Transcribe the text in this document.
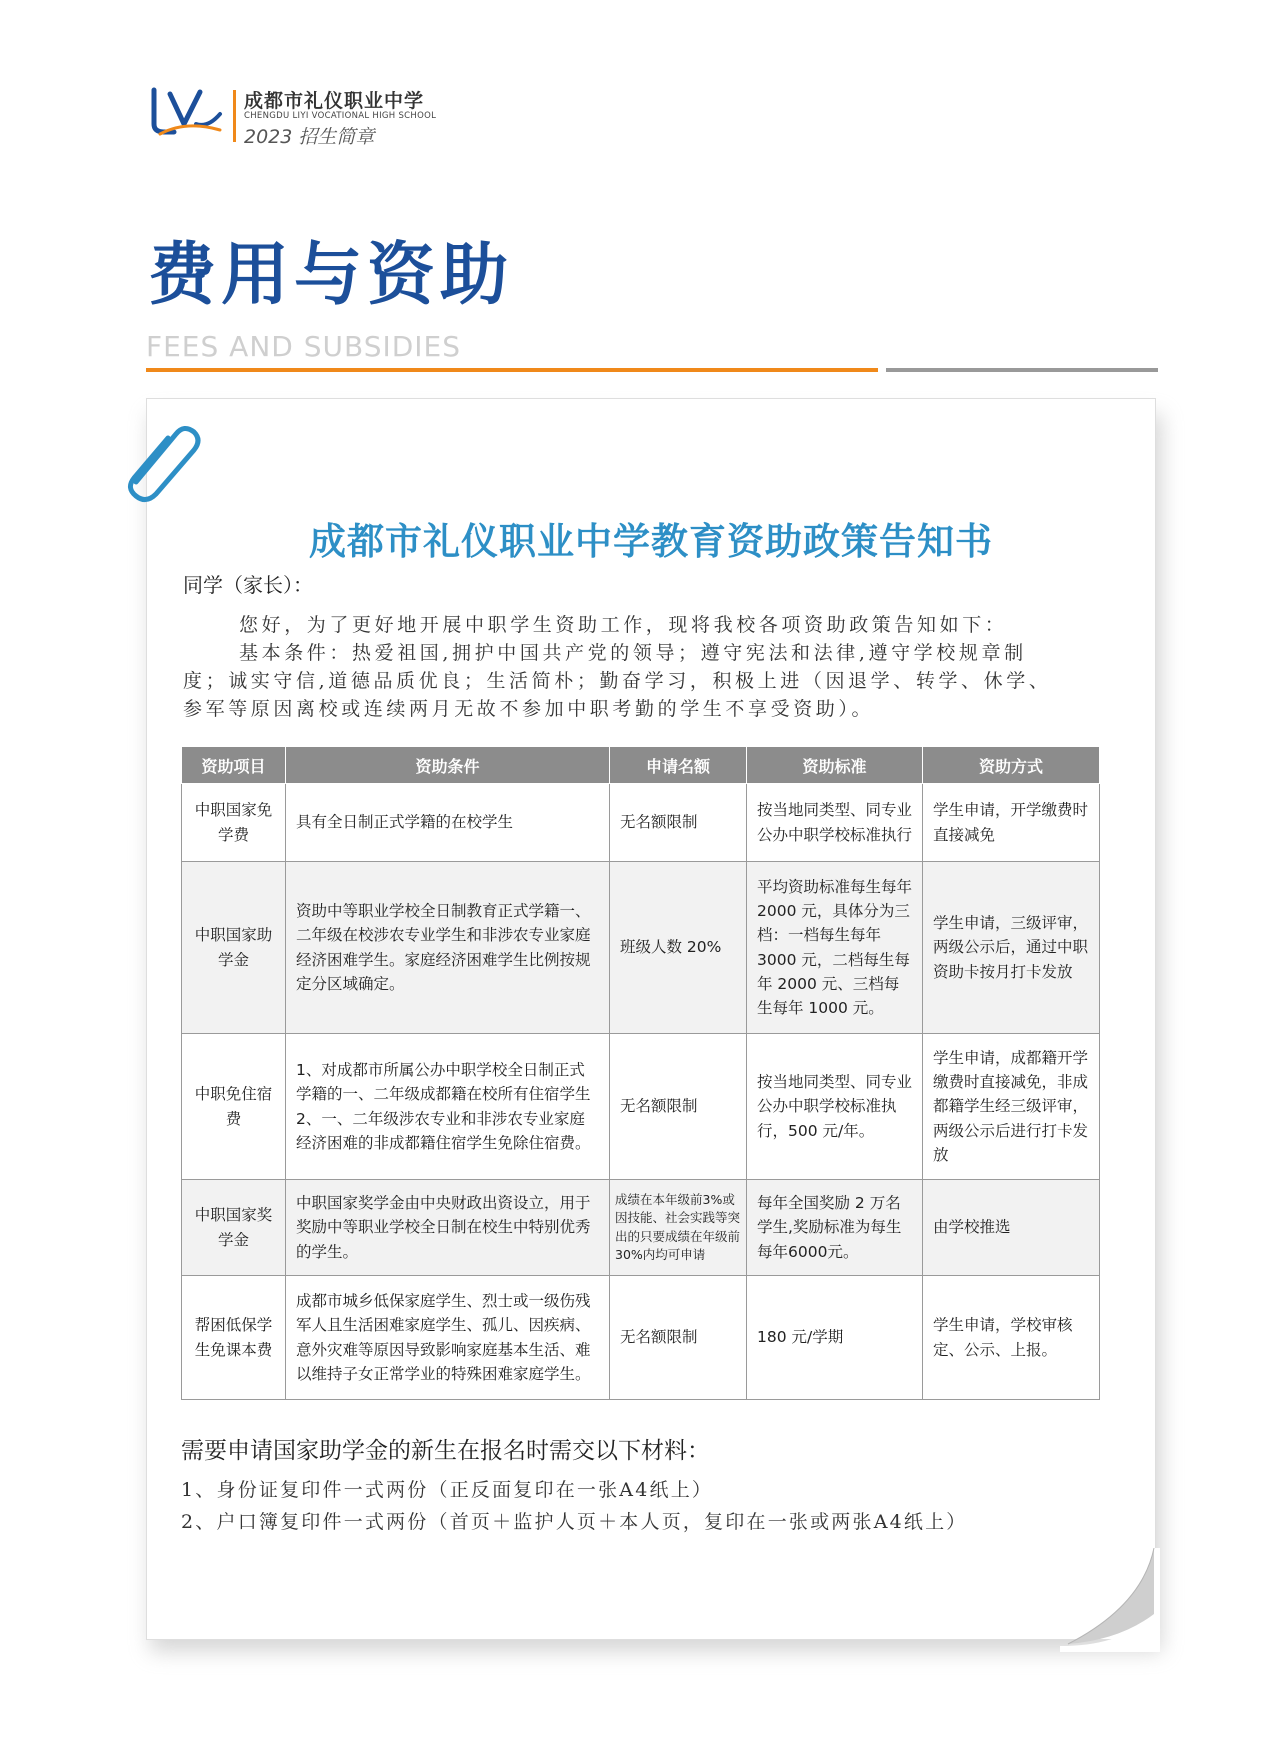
成都市礼仪职业中学
CHENGDU LIYI VOCATIONAL HIGH SCHOOL
2023 招生简章
费用与资助
FEES AND SUBSIDIES
成都市礼仪职业中学教育资助政策告知书
同学（家长）：
您好，为了更好地开展中职学生资助工作，现将我校各项资助政策告知如下：
基本条件：热爱祖国,拥护中国共产党的领导；遵守宪法和法律,遵守学校规章制
度；诚实守信,道德品质优良；生活简朴；勤奋学习，积极上进（因退学、转学、休学、
参军等原因离校或连续两月无故不参加中职考勤的学生不享受资助）。
资助项目	资助条件	申请名额	资助标准	资助方式
中职国家免学费	具有全日制正式学籍的在校学生	无名额限制	按当地同类型、同专业公办中职学校标准执行	学生申请，开学缴费时直接减免
中职国家助学金	资助中等职业学校全日制教育正式学籍一、二年级在校涉农专业学生和非涉农专业家庭经济困难学生。家庭经济困难学生比例按规定分区域确定。	班级人数 20%	平均资助标准每生每年 2000 元，具体分为三档：一档每生每年 3000 元，二档每生每年 2000 元、三档每生每年 1000 元。	学生申请，三级评审，两级公示后，通过中职资助卡按月打卡发放
中职免住宿费	1、对成都市所属公办中职学校全日制正式学籍的一、二年级成都籍在校所有住宿学生 2、一、二年级涉农专业和非涉农专业家庭经济困难的非成都籍住宿学生免除住宿费。	无名额限制	按当地同类型、同专业公办中职学校标准执行，500 元/年。	学生申请，成都籍开学缴费时直接减免，非成都籍学生经三级评审，两级公示后进行打卡发放
中职国家奖学金	中职国家奖学金由中央财政出资设立，用于奖励中等职业学校全日制在校生中特别优秀的学生。	成绩在本年级前3%或因技能、社会实践等突出的只要成绩在年级前30%内均可申请	每年全国奖励 2 万名学生,奖励标准为每生每年6000元。	由学校推选
帮困低保学生免课本费	成都市城乡低保家庭学生、烈士或一级伤残军人且生活困难家庭学生、孤儿、因疾病、意外灾难等原因导致影响家庭基本生活、难以维持子女正常学业的特殊困难家庭学生。	无名额限制	180 元/学期	学生申请，学校审核定、公示、上报。
需要申请国家助学金的新生在报名时需交以下材料：
1、身份证复印件一式两份（正反面复印在一张A4纸上）
2、户口簿复印件一式两份（首页＋监护人页＋本人页，复印在一张或两张A4纸上）
